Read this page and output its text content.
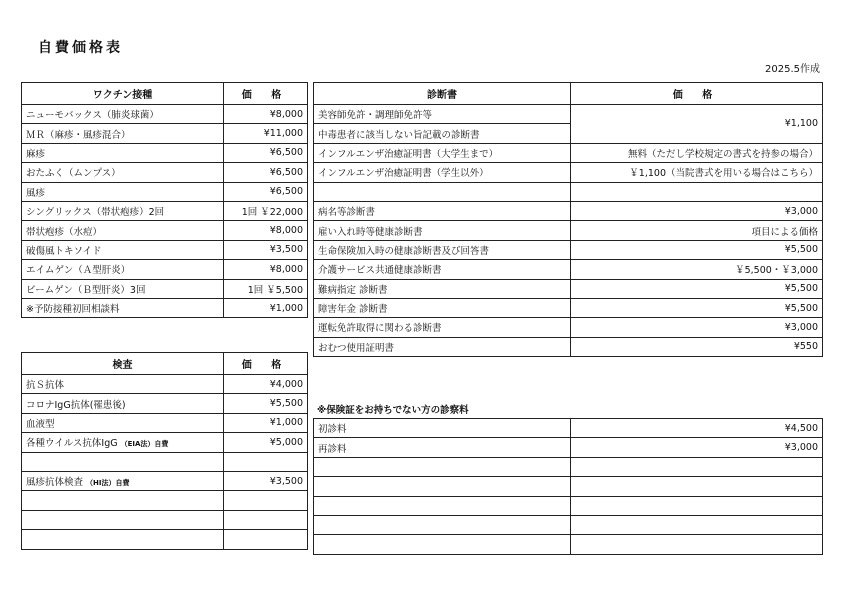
自費価格表
2025.5作成
ワクチン接種	価 格
ニューモバックス（肺炎球菌）	¥8,000
ＭＲ（麻疹・風疹混合）	¥11,000
麻疹	¥6,500
おたふく（ムンプス）	¥6,500
風疹	¥6,500
シングリックス（帯状疱疹）2回	1回 ￥22,000
帯状疱疹（水痘）	¥8,000
破傷風トキソイド	¥3,500
エイムゲン（Ａ型肝炎）	¥8,000
ビームゲン（Ｂ型肝炎）3回	1回 ￥5,500
※予防接種初回相談料	¥1,000
検査	価 格
抗Ｓ抗体	¥4,000
コロナIgG抗体(罹患後)	¥5,500
血液型	¥1,000
各種ウイルス抗体IgG （EIA法）自費	¥5,000

風疹抗体検査 （HI法）自費	¥3,500

診断書	価 格
美容師免許・調理師免許等	¥1,100
中毒患者に該当しない旨記載の診断書	
インフルエンザ治癒証明書（大学生まで）	無料（ただし学校規定の書式を持参の場合）
インフルエンザ治癒証明書（学生以外）	￥1,100（当院書式を用いる場合はこちら）

病名等診断書	¥3,000
雇い入れ時等健康診断書	項目による価格
生命保険加入時の健康診断書及び回答書	¥5,500
介護サービス共通健康診断書	￥5,500・￥3,000
難病指定 診断書	¥5,500
障害年金 診断書	¥5,500
運転免許取得に関わる診断書	¥3,000
おむつ使用証明書	¥550
※保険証をお持ちでない方の診察料
初診料	¥4,500
再診料	¥3,000
